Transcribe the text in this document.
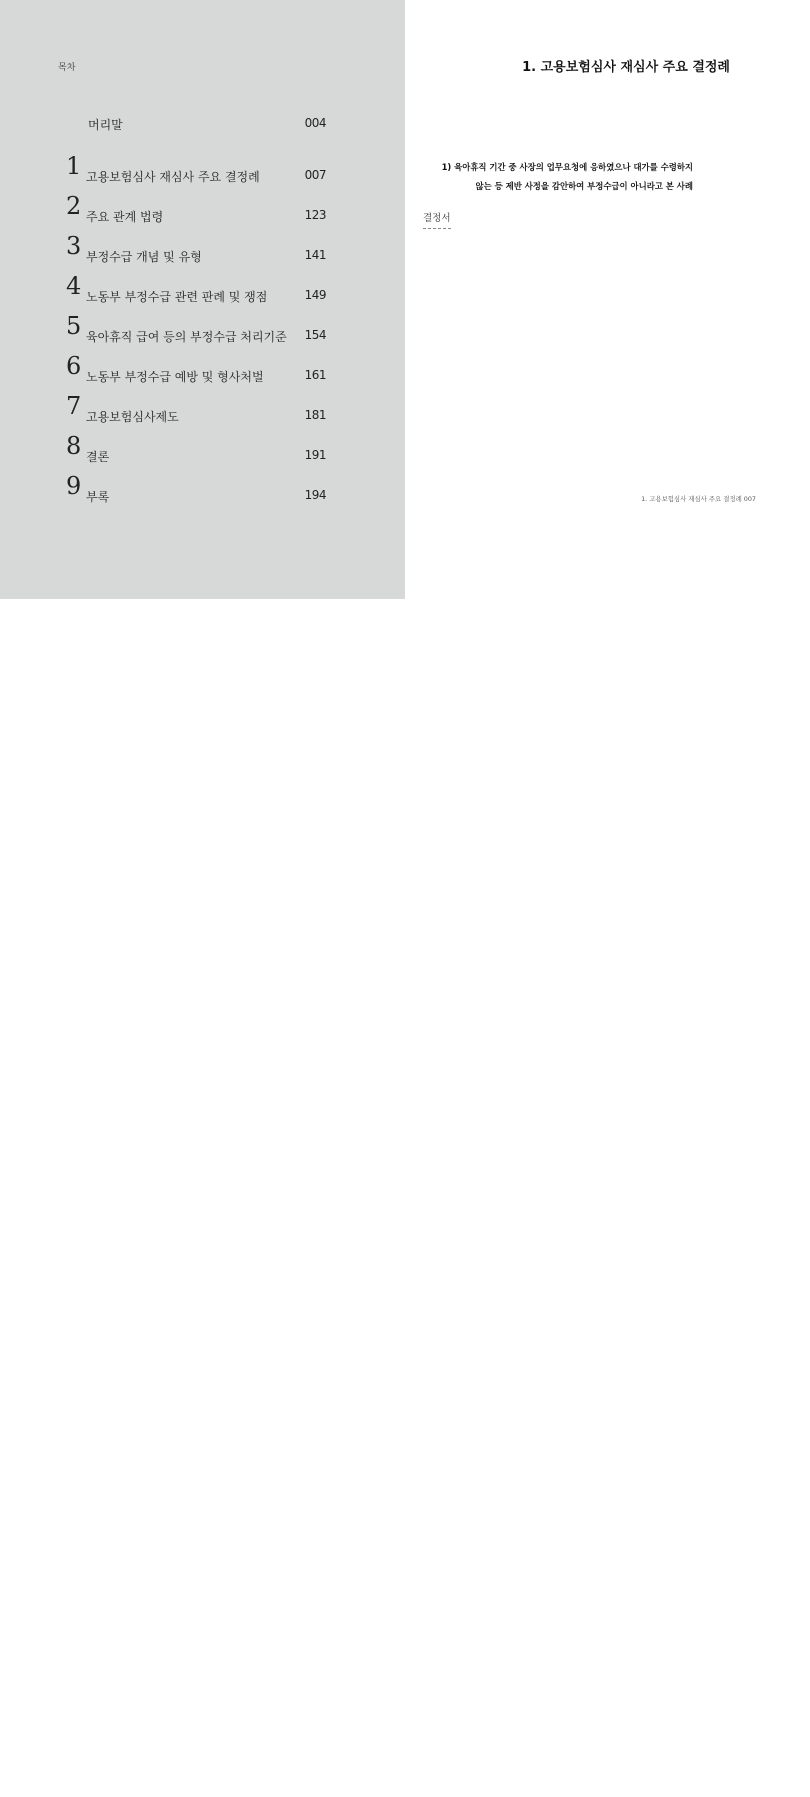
목차
머리말	004
1 고용보험심사 재심사 주요 결정례	007
2 주요 관계 법령	123
3 부정수급 개념 및 유형	141
4 노동부 부정수급 관련 판례 및 쟁점	149
5 육아휴직 급여 등의 부정수급 처리기준 154
6 노동부 부정수급 예방 및 형사처벌	161
7 고용보험심사제도	181
8 결론	191
9 부록	194
1. 고용보험심사 재심사 주요 결정례
1) 육아휴직 기간 중 사장의 업무요청에 응하였으나 대가를 수령하지
않는 등 제반 사정을 감안하여 부정수급이 아니라고 본 사례
결정서
1. 고용보험심사 재심사 주요 결정례 007
